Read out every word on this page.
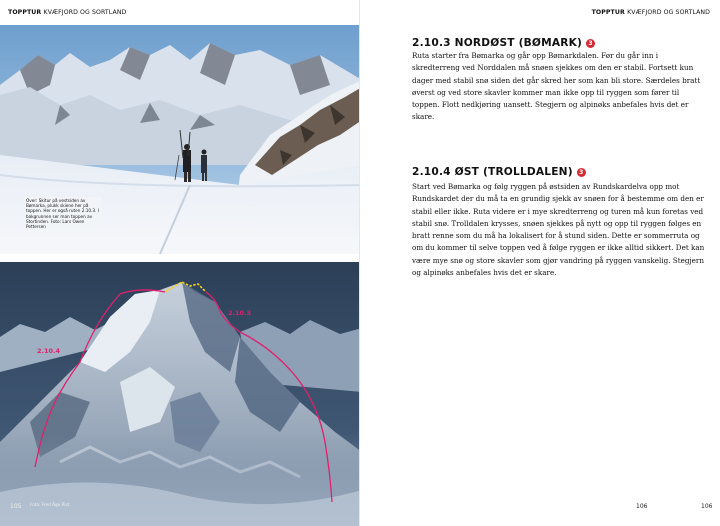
TOPPTUR KVÆFJORD OG SORTLAND
Over: Skitur på vestsiden av Bømarka, plukk skiene her på toppen. Her er også ruten 2.10.3. I bakgrunnen ser man toppen av Stortinden. Foto: Lars Owen Pettersen
2.10.4
2.10.3
Foto: Fred Åge Rist
105
TOPPTUR KVÆFJORD OG SORTLAND
106	106
2.10.3 NORDØST (BØMARK) 3

Ruta starter fra Bømarka og går opp Bømarkdalen. Før du går inn i skredterreng ved Norddalen må snøen sjekkes om den er stabil. Fortsett kun dager med stabil snø siden det går skred her som kan bli store. Særdeles bratt øverst og ved store skavler kommer man ikke opp til ryggen som fører til toppen. Flott nedkjøring uansett. Stegjern og alpinøks anbefales hvis det er skare.

2.10.4 ØST (TROLLDALEN) 3

Start ved Bømarka og følg ryggen på østsiden av Rundskardelva opp mot Rundskardet der du må ta en grundig sjekk av snøen for å bestemme om den er stabil eller ikke. Ruta videre er i mye skredterreng og turen må kun foretas ved stabil snø. Trolldalen krysses, snøen sjekkes på nytt og opp til ryggen følges en bratt renne som du må ha lokalisert for å stund siden. Dette er sommerruta og om du kommer til selve toppen ved å følge ryggen er ikke alltid sikkert. Det kan være mye snø og store skavler som gjør vandring på ryggen vanskelig. Stegjern og alpinøks anbefales hvis det er skare.
